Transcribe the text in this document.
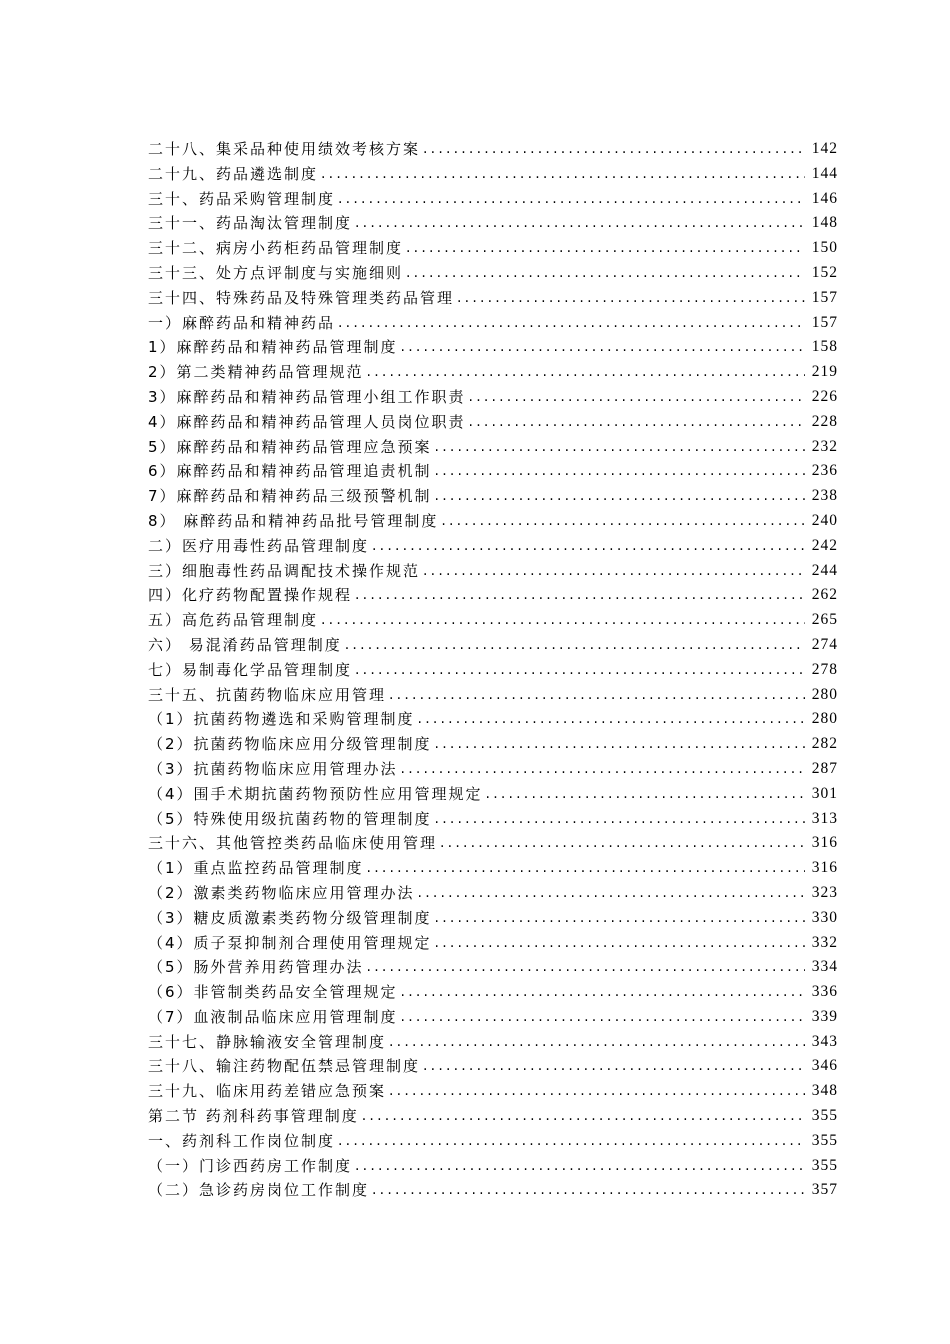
二十八、集采品种使用绩效考核方案 .....	142
二十九、药品遴选制度 .....	144
三十、药品采购管理制度 .....	146
三十一、药品淘汰管理制度 .....	148
三十二、病房小药柜药品管理制度 .....	150
三十三、处方点评制度与实施细则 .....	152
三十四、特殊药品及特殊管理类药品管理 .....	157
一）麻醉药品和精神药品 .....	157
1）麻醉药品和精神药品管理制度 .....	158
2）第二类精神药品管理规范 .....	219
3）麻醉药品和精神药品管理小组工作职责 .....	226
4）麻醉药品和精神药品管理人员岗位职责 .....	228
5）麻醉药品和精神药品管理应急预案 .....	232
6）麻醉药品和精神药品管理追责机制 .....	236
7）麻醉药品和精神药品三级预警机制 .....	238
8） 麻醉药品和精神药品批号管理制度 .....	240
二）医疗用毒性药品管理制度 .....	242
三）细胞毒性药品调配技术操作规范 .....	244
四）化疗药物配置操作规程 .....	262
五）高危药品管理制度 .....	265
六） 易混淆药品管理制度 .....	274
七）易制毒化学品管理制度 .....	278
三十五、抗菌药物临床应用管理 .....	280
（1）抗菌药物遴选和采购管理制度 .....	280
（2）抗菌药物临床应用分级管理制度 .....	282
（3）抗菌药物临床应用管理办法 .....	287
（4）围手术期抗菌药物预防性应用管理规定 .....	301
（5）特殊使用级抗菌药物的管理制度 .....	313
三十六、其他管控类药品临床使用管理 .....	316
（1）重点监控药品管理制度 .....	316
（2）激素类药物临床应用管理办法 .....	323
（3）糖皮质激素类药物分级管理制度 .....	330
（4）质子泵抑制剂合理使用管理规定 .....	332
（5）肠外营养用药管理办法 .....	334
（6）非管制类药品安全管理规定 .....	336
（7）血液制品临床应用管理制度 .....	339
三十七、静脉输液安全管理制度 .....	343
三十八、输注药物配伍禁忌管理制度 .....	346
三十九、临床用药差错应急预案 .....	348
第二节 药剂科药事管理制度 .....	355
一、药剂科工作岗位制度 .....	355
（一）门诊西药房工作制度 .....	355
（二）急诊药房岗位工作制度 .....	357
